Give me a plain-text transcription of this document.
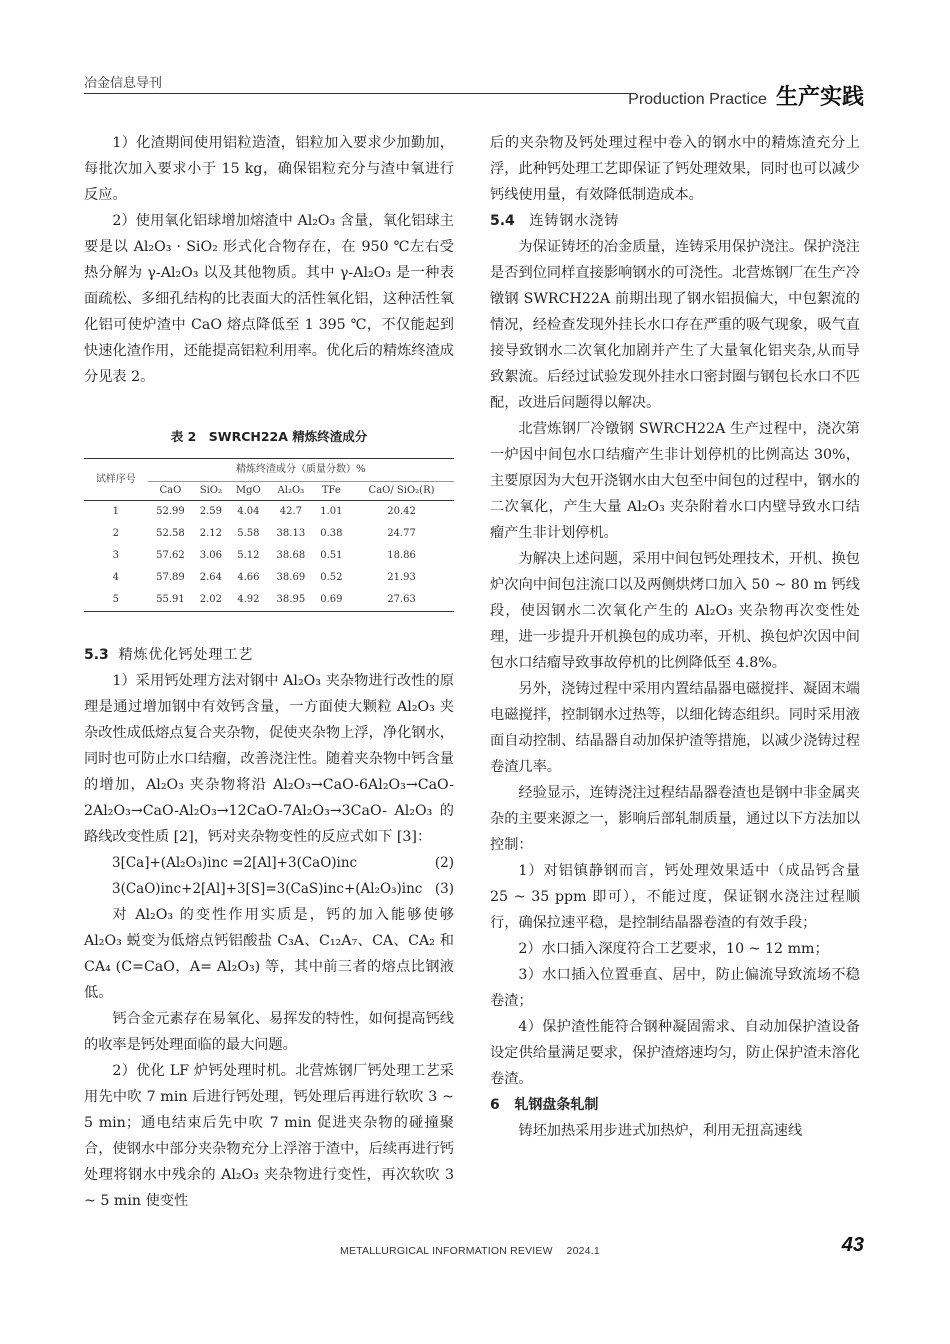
冶金信息导刊
Production Practice 生产实践

1）化渣期间使用铝粒造渣，铝粒加入要求少加勤加，每批次加入要求小于 15 kg，确保铝粒充分与渣中氧进行反应。

2）使用氧化铝球增加熔渣中 Al₂O₃ 含量，氧化铝球主要是以 Al₂O₃ · SiO₂ 形式化合物存在，在 950 ℃左右受热分解为 γ-Al₂O₃ 以及其他物质。其中 γ-Al₂O₃ 是一种表面疏松、多细孔结构的比表面大的活性氧化铝，这种活性氧化铝可使炉渣中 CaO 熔点降低至 1 395 ℃，不仅能起到快速化渣作用，还能提高铝粒利用率。优化后的精炼终渣成分见表 2。

表 2　SWRCH22A 精炼终渣成分
试样序号	精炼终渣成分（质量分数）%					
	CaO	SiO₂	MgO	Al₂O₃	TFe	CaO/ SiO₂(R)
1	52.99	2.59	4.04	42.7	1.01	20.42
2	52.58	2.12	5.58	38.13	0.38	24.77
3	57.62	3.06	5.12	38.68	0.51	18.86
4	57.89	2.64	4.66	38.69	0.52	21.93
5	55.91	2.02	4.92	38.95	0.69	27.63
5.3 精炼优化钙处理工艺

1）采用钙处理方法对钢中 Al₂O₃ 夹杂物进行改性的原理是通过增加钢中有效钙含量，一方面使大颗粒 Al₂O₃ 夹杂改性成低熔点复合夹杂物，促使夹杂物上浮，净化钢水，同时也可防止水口结瘤，改善浇注性。随着夹杂物中钙含量的增加，Al₂O₃ 夹杂物将沿 Al₂O₃→CaO-6Al₂O₃→CaO-2Al₂O₃→CaO-Al₂O₃→12CaO-7Al₂O₃→3CaO- Al₂O₃ 的路线改变性质 [2]，钙对夹杂物变性的反应式如下 [3]：

3[Ca]+(Al₂O₃)inc =2[Al]+3(CaO)inc	(2)
3(CaO)inc+2[Al]+3[S]=3(CaS)inc+(Al₂O₃)inc (3)

对 Al₂O₃ 的变性作用实质是，钙的加入能够使够 Al₂O₃ 蜕变为低熔点钙铝酸盐 C₃A、C₁₂A₇、CA、CA₂ 和 CA₄ (C=CaO，A= Al₂O₃) 等，其中前三者的熔点比钢液低。

钙合金元素存在易氧化、易挥发的特性，如何提高钙线的收率是钙处理面临的最大问题。

2）优化 LF 炉钙处理时机。北营炼钢厂钙处理工艺采用先中吹 7 min 后进行钙处理，钙处理后再进行软吹 3 ~ 5 min；通电结束后先中吹 7 min 促进夹杂物的碰撞聚合，使钢水中部分夹杂物充分上浮溶于渣中，后续再进行钙处理将钢水中残余的 Al₂O₃ 夹杂物进行变性，再次软吹 3 ~ 5 min 使变性

后的夹杂物及钙处理过程中卷入的钢水中的精炼渣充分上浮，此种钙处理工艺即保证了钙处理效果，同时也可以减少钙线使用量，有效降低制造成本。

5.4 连铸钢水浇铸

为保证铸坯的冶金质量，连铸采用保护浇注。保护浇注是否到位同样直接影响钢水的可浇性。北营炼钢厂在生产冷镦钢 SWRCH22A 前期出现了钢水铝损偏大，中包絮流的情况，经检查发现外挂长水口存在严重的吸气现象，吸气直接导致钢水二次氧化加剧并产生了大量氧化铝夹杂,从而导致絮流。后经过试验发现外挂水口密封圈与钢包长水口不匹配，改进后问题得以解决。

北营炼钢厂冷镦钢 SWRCH22A 生产过程中，浇次第一炉因中间包水口结瘤产生非计划停机的比例高达 30%，主要原因为大包开浇钢水由大包至中间包的过程中，钢水的二次氧化，产生大量 Al₂O₃ 夹杂附着水口内壁导致水口结瘤产生非计划停机。

为解决上述问题，采用中间包钙处理技术，开机、换包炉次向中间包注流口以及两侧烘烤口加入 50 ~ 80 m 钙线段，使因钢水二次氧化产生的 Al₂O₃ 夹杂物再次变性处理，进一步提升开机换包的成功率，开机、换包炉次因中间包水口结瘤导致事故停机的比例降低至 4.8%。

另外，浇铸过程中采用内置结晶器电磁搅拌、凝固末端电磁搅拌，控制钢水过热等，以细化铸态组织。同时采用液面自动控制、结晶器自动加保护渣等措施，以减少浇铸过程卷渣几率。

经验显示，连铸浇注过程结晶器卷渣也是钢中非金属夹杂的主要来源之一，影响后部轧制质量，通过以下方法加以控制：

1）对铝镇静钢而言，钙处理效果适中（成品钙含量 25 ~ 35 ppm 即可），不能过度，保证钢水浇注过程顺行，确保拉速平稳，是控制结晶器卷渣的有效手段；

2）水口插入深度符合工艺要求，10 ~ 12 mm；

3）水口插入位置垂直、居中，防止偏流导致流场不稳卷渣；

4）保护渣性能符合钢种凝固需求、自动加保护渣设备设定供给量满足要求，保护渣熔速均匀，防止保护渣未溶化卷渣。

6 轧钢盘条轧制

铸坯加热采用步进式加热炉，利用无扭高速线

METALLURGICAL INFORMATION REVIEW　 2024.1	43
